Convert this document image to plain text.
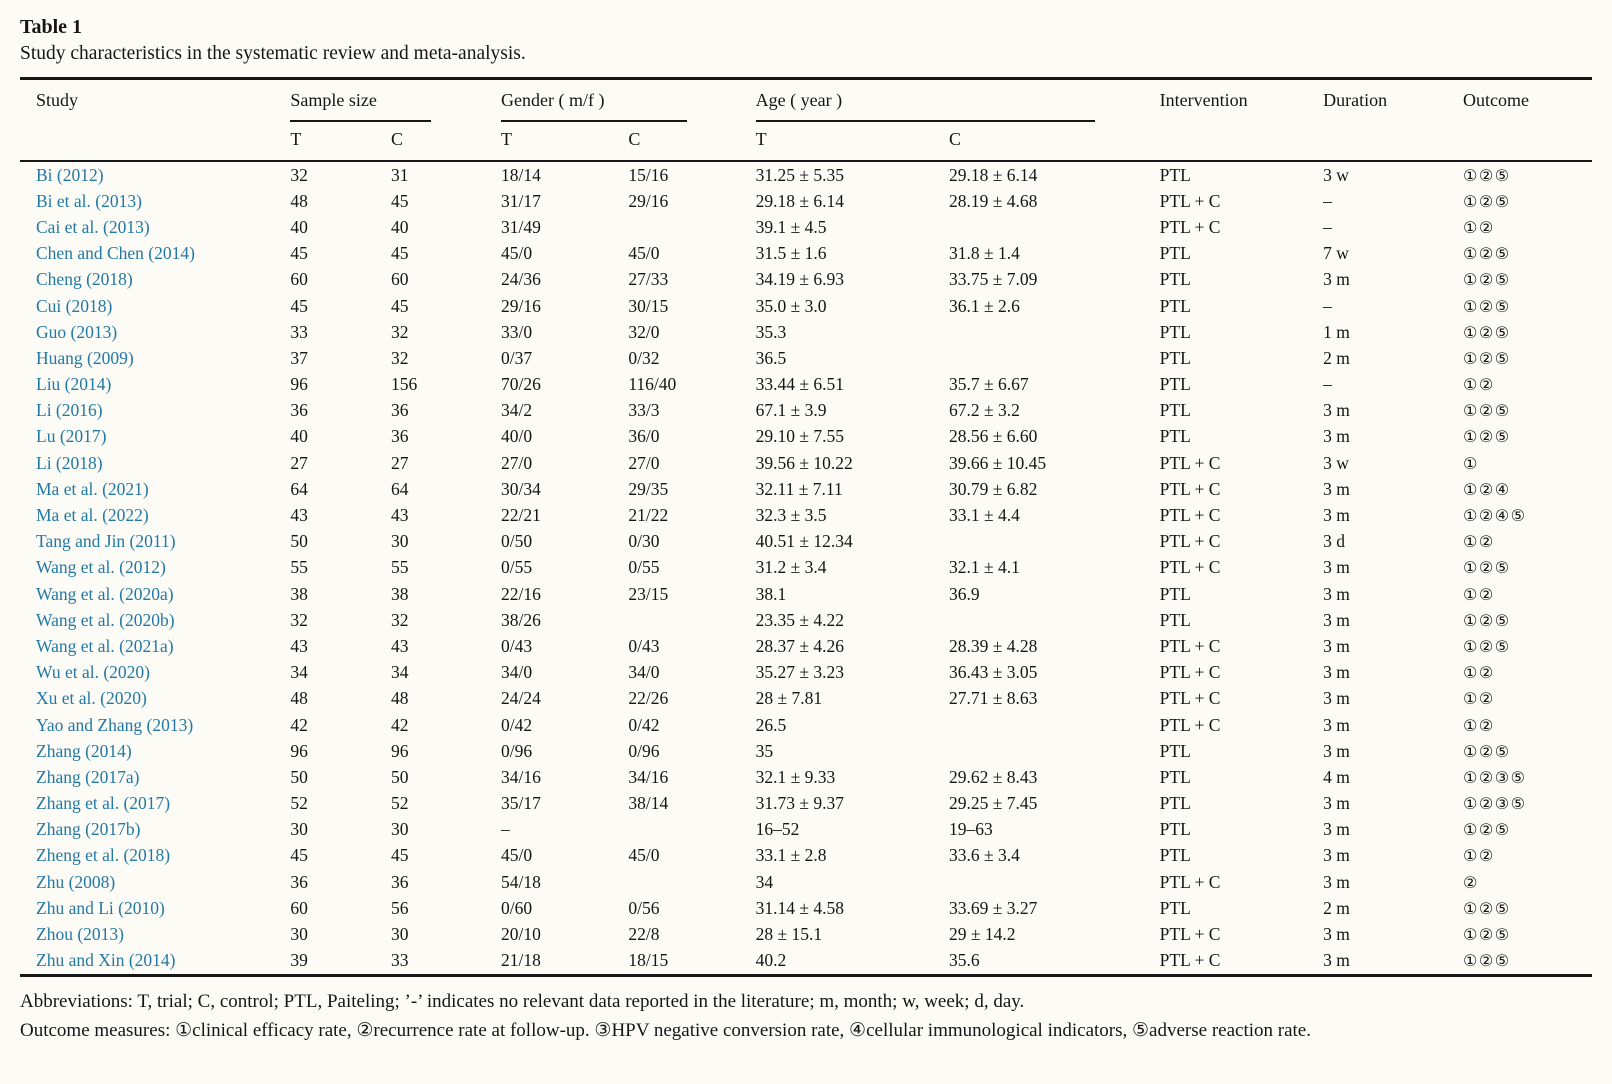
Table 1

Study characteristics in the systematic review and meta-analysis.

Study	Sample size		Gender ( m/f )		Age ( year )		Intervention	Duration	Outcome
	T	C	T	C	T	C			
Bi (2012)	32	31	18/14	15/16	31.25 ± 5.35	29.18 ± 6.14	PTL	3 w	①②⑤
Bi et al. (2013)	48	45	31/17	29/16	29.18 ± 6.14	28.19 ± 4.68	PTL + C	–	①②⑤
Cai et al. (2013)	40	40	31/49		39.1 ± 4.5		PTL + C	–	①②
Chen and Chen (2014)	45	45	45/0	45/0	31.5 ± 1.6	31.8 ± 1.4	PTL	7 w	①②⑤
Cheng (2018)	60	60	24/36	27/33	34.19 ± 6.93	33.75 ± 7.09	PTL	3 m	①②⑤
Cui (2018)	45	45	29/16	30/15	35.0 ± 3.0	36.1 ± 2.6	PTL	–	①②⑤
Guo (2013)	33	32	33/0	32/0	35.3		PTL	1 m	①②⑤
Huang (2009)	37	32	0/37	0/32	36.5		PTL	2 m	①②⑤
Liu (2014)	96	156	70/26	116/40	33.44 ± 6.51	35.7 ± 6.67	PTL	–	①②
Li (2016)	36	36	34/2	33/3	67.1 ± 3.9	67.2 ± 3.2	PTL	3 m	①②⑤
Lu (2017)	40	36	40/0	36/0	29.10 ± 7.55	28.56 ± 6.60	PTL	3 m	①②⑤
Li (2018)	27	27	27/0	27/0	39.56 ± 10.22	39.66 ± 10.45	PTL + C	3 w	①
Ma et al. (2021)	64	64	30/34	29/35	32.11 ± 7.11	30.79 ± 6.82	PTL + C	3 m	①②④
Ma et al. (2022)	43	43	22/21	21/22	32.3 ± 3.5	33.1 ± 4.4	PTL + C	3 m	①②④⑤
Tang and Jin (2011)	50	30	0/50	0/30	40.51 ± 12.34		PTL + C	3 d	①②
Wang et al. (2012)	55	55	0/55	0/55	31.2 ± 3.4	32.1 ± 4.1	PTL + C	3 m	①②⑤
Wang et al. (2020a)	38	38	22/16	23/15	38.1	36.9	PTL	3 m	①②
Wang et al. (2020b)	32	32	38/26		23.35 ± 4.22		PTL	3 m	①②⑤
Wang et al. (2021a)	43	43	0/43	0/43	28.37 ± 4.26	28.39 ± 4.28	PTL + C	3 m	①②⑤
Wu et al. (2020)	34	34	34/0	34/0	35.27 ± 3.23	36.43 ± 3.05	PTL + C	3 m	①②
Xu et al. (2020)	48	48	24/24	22/26	28 ± 7.81	27.71 ± 8.63	PTL + C	3 m	①②
Yao and Zhang (2013)	42	42	0/42	0/42	26.5		PTL + C	3 m	①②
Zhang (2014)	96	96	0/96	0/96	35		PTL	3 m	①②⑤
Zhang (2017a)	50	50	34/16	34/16	32.1 ± 9.33	29.62 ± 8.43	PTL	4 m	①②③⑤
Zhang et al. (2017)	52	52	35/17	38/14	31.73 ± 9.37	29.25 ± 7.45	PTL	3 m	①②③⑤
Zhang (2017b)	30	30	–		16–52	19–63	PTL	3 m	①②⑤
Zheng et al. (2018)	45	45	45/0	45/0	33.1 ± 2.8	33.6 ± 3.4	PTL	3 m	①②
Zhu (2008)	36	36	54/18		34		PTL + C	3 m	②
Zhu and Li (2010)	60	56	0/60	0/56	31.14 ± 4.58	33.69 ± 3.27	PTL	2 m	①②⑤
Zhou (2013)	30	30	20/10	22/8	28 ± 15.1	29 ± 14.2	PTL + C	3 m	①②⑤
Zhu and Xin (2014)	39	33	21/18	18/15	40.2	35.6	PTL + C	3 m	①②⑤

Abbreviations: T, trial; C, control; PTL, Paiteling; ’-’ indicates no relevant data reported in the literature; m, month; w, week; d, day.

Outcome measures: ①clinical efficacy rate, ②recurrence rate at follow-up. ③HPV negative conversion rate, ④cellular immunological indicators, ⑤adverse reaction rate.
